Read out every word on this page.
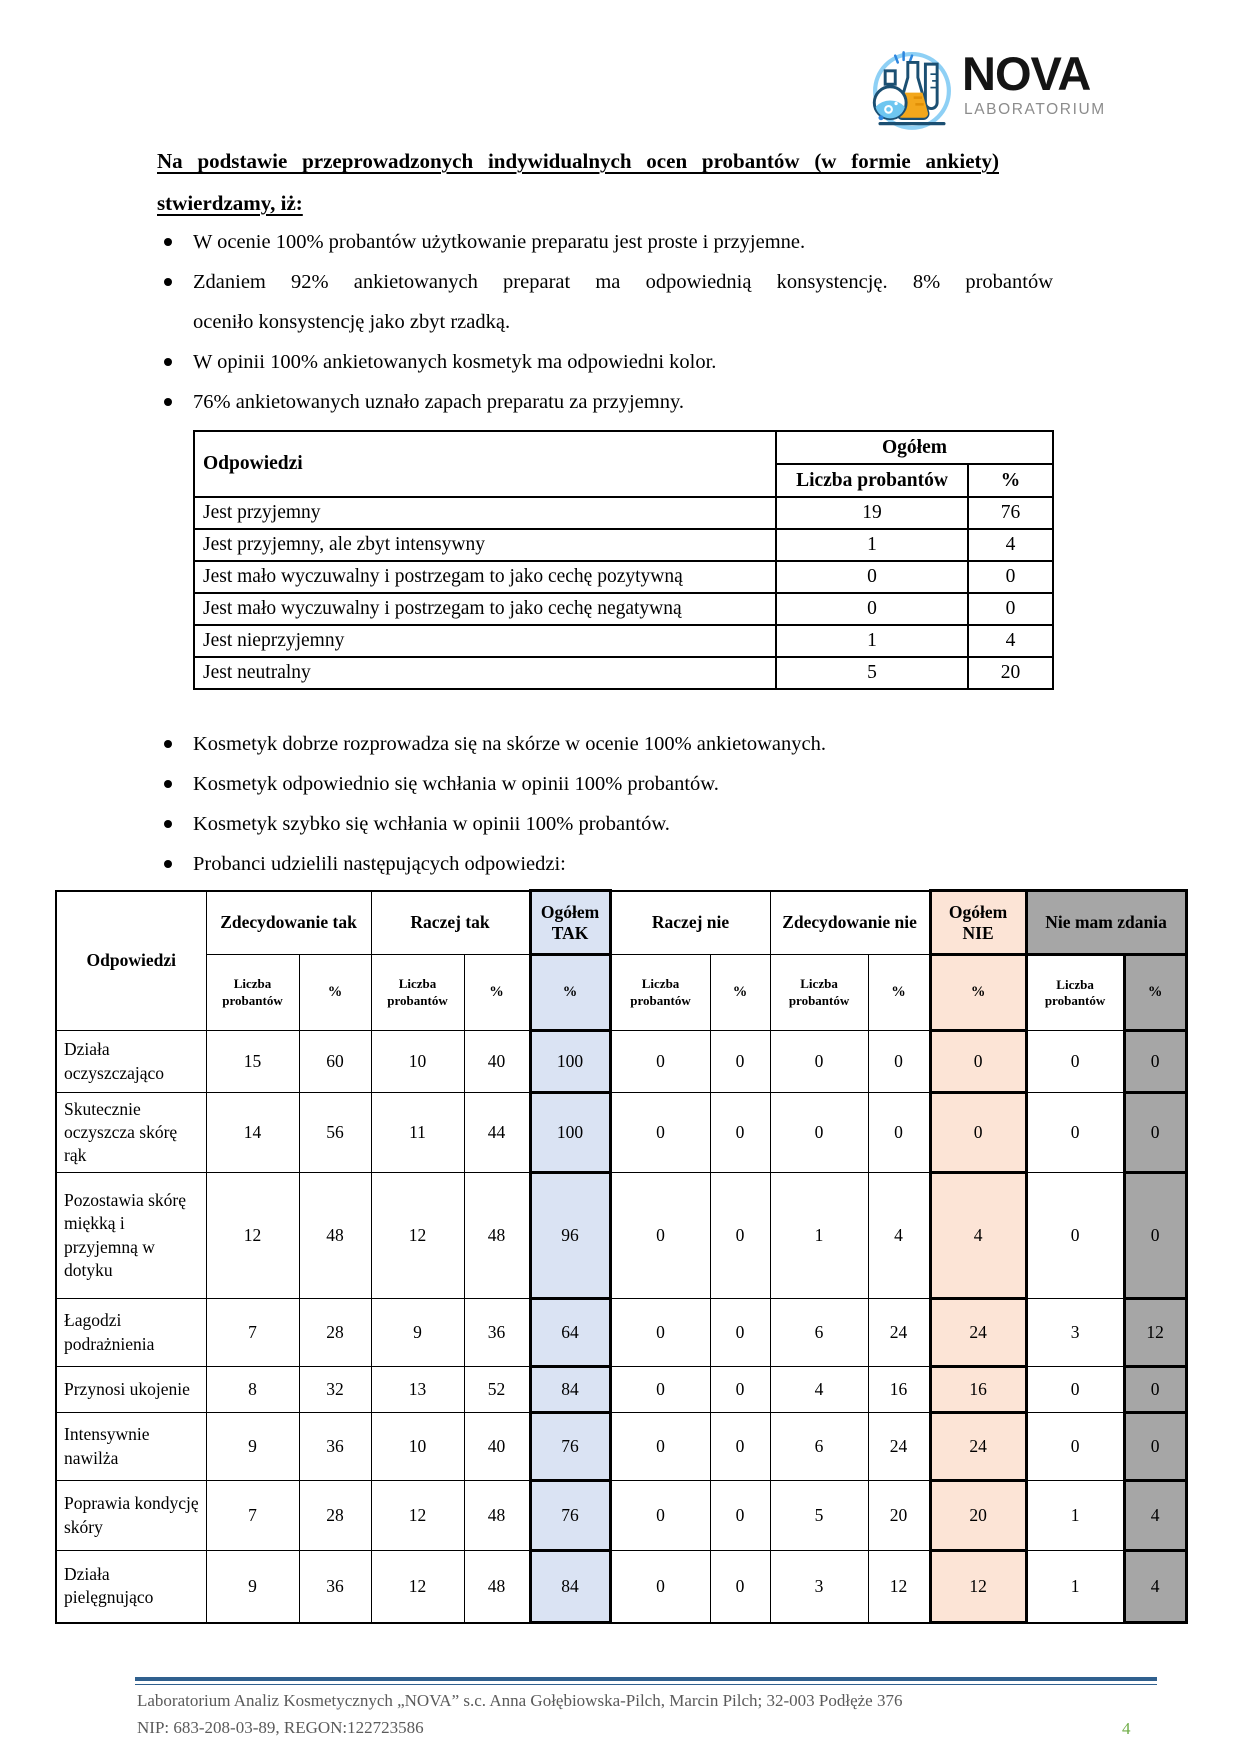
NOVA
LABORATORIUM
Na podstawie przeprowadzonych indywidualnych ocen probantów (w formie ankiety)
stwierdzamy, iż:
W ocenie 100% probantów użytkowanie preparatu jest proste i przyjemne.
Zdaniem 92% ankietowanych preparat ma odpowiednią konsystencję. 8% probantów
oceniło konsystencję jako zbyt rzadką.
W opinii 100% ankietowanych kosmetyk ma odpowiedni kolor.
76% ankietowanych uznało zapach preparatu za przyjemny.
Odpowiedzi	Ogółem	
	Liczba probantów	%
Jest przyjemny	19	76
Jest przyjemny, ale zbyt intensywny	1	4
Jest mało wyczuwalny i postrzegam to jako cechę pozytywną	0	0
Jest mało wyczuwalny i postrzegam to jako cechę negatywną	0	0
Jest nieprzyjemny	1	4
Jest neutralny	5	20
Kosmetyk dobrze rozprowadza się na skórze w ocenie 100% ankietowanych.
Kosmetyk odpowiednio się wchłania w opinii 100% probantów.
Kosmetyk szybko się wchłania w opinii 100% probantów.
Probanci udzielili następujących odpowiedzi:
Odpowiedzi	Zdecydowanie tak		Raczej tak		Ogółem TAK	Raczej nie		Zdecydowanie nie		Ogółem NIE	Nie mam zdania	
	Liczba probantów	%	Liczba probantów	%	%	Liczba probantów	%	Liczba probantów	%	%	Liczba probantów	%
Działa oczyszczająco	15	60	10	40	100	0	0	0	0	0	0	0
Skutecznie oczyszcza skórę rąk	14	56	11	44	100	0	0	0	0	0	0	0
Pozostawia skórę miękką i przyjemną w dotyku	12	48	12	48	96	0	0	1	4	4	0	0
Łagodzi podrażnienia	7	28	9	36	64	0	0	6	24	24	3	12
Przynosi ukojenie	8	32	13	52	84	0	0	4	16	16	0	0
Intensywnie nawilża	9	36	10	40	76	0	0	6	24	24	0	0
Poprawia kondycję skóry	7	28	12	48	76	0	0	5	20	20	1	4
Działa pielęgnująco	9	36	12	48	84	0	0	3	12	12	1	4
Laboratorium Analiz Kosmetycznych „NOVA” s.c. Anna Gołębiowska-Pilch, Marcin Pilch; 32-003 Podłęże 376
NIP: 683-208-03-89, REGON:122723586	4
